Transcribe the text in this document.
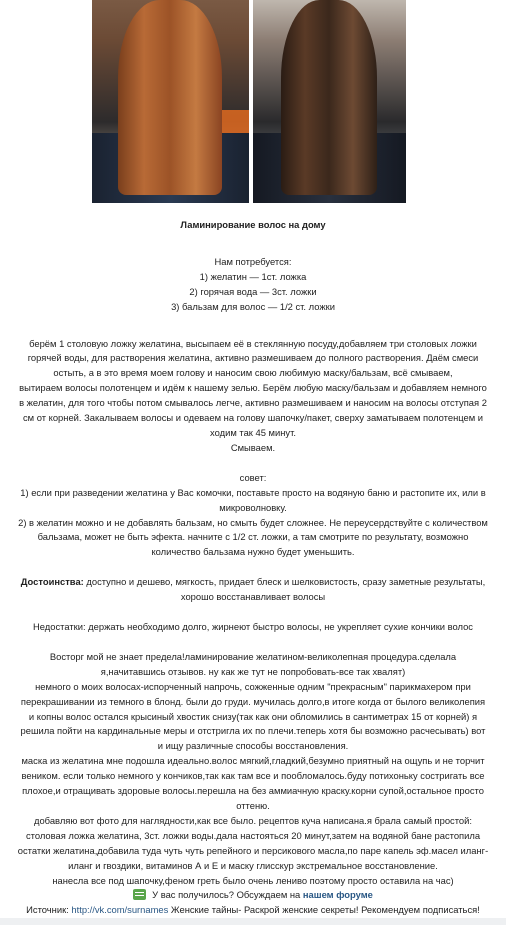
Ламинирование волос на дому
Нам потребуется:
1) желатин — 1ст. ложка
2) горячая вода — 3ст. ложки
3) бальзам для волос — 1/2 ст. ложки
берём 1 столовую ложку желатина, высыпаем её в стеклянную посуду,добавляем три столовых ложки
горячей воды, для растворения желатина, активно размешиваем до полного растворения. Даём смеси
остыть, а в это время моем голову и наносим свою любимую маску/бальзам, всё смываем,
вытираем волосы полотенцем и идём к нашему зелью. Берём любую маску/бальзам и добавляем немного
в желатин, для того чтобы потом смывалось легче, активно размешиваем и наносим на волосы отступая 2
см от корней. Закалываем волосы и одеваем на голову шапочку/пакет, сверху заматываем полотенцем и
ходим так 45 минут.
Смываем.
совет:
1) если при разведении желатина у Вас комочки, поставьте просто на водяную баню и растопите их, или в
микроволновку.
2) в желатин можно и не добавлять бальзам, но смыть будет сложнее. Не переусердствуйте с количеством
бальзама, может не быть эфекта. начните с 1/2 ст. ложки, а там смотрите по результату, возможно
количество бальзама нужно будет уменьшить.
Достоинства: доступно и дешево, мягкость, придает блеск и шелковистость, сразу заметные результаты,
хорошо восстанавливает волосы
Недостатки: держать необходимо долго, жирнеют быстро волосы, не укрепляет сухие кончики волос
Восторг мой не знает предела!ламинирование желатином-великолепная процедура.сделала
я,начитавшись отзывов. ну как же тут не попробовать-все так хвалят)
немного о моих волосах-испорченный напрочь, сожженные одним "прекрасным" парикмахером при
перекрашивании из темного в блонд. были до груди. мучилась долго,в итоге когда от былого великолепия
и копны волос остался крысиный хвостик снизу(так как они обломились в сантиметрах 15 от корней) я
решила пойти на кардинальные меры и отстригла их по плечи.теперь хотя бы возможно расчесывать) вот
и ищу различные способы восстановления.
маска из желатина мне подошла идеально.волос мягкий,гладкий,безумно приятный на ощупь и не торчит
веником. если только немного у кончиков,так как там все и пообломалось.буду потихоньку состригать все
плохое,и отращивать здоровые волосы.перешла на без аммиачную краску.корни супой,остальное просто
оттеню.
добавляю вот фото для наглядности,как все было. рецептов куча написана.я брала самый простой:
столовая ложка желатина, 3ст. ложки воды.дала настояться 20 минут,затем на водяной бане растопила
остатки желатина,добавила туда чуть чуть репейного и персикового масла,по паре капель эф.масел иланг-
иланг и гвоздики, витаминов А и Е и маску глисскур экстремальное восстановление.
нанесла все под шапочку,феном греть было очень лениво поэтому просто оставила на час)
У вас получилось? Обсуждаем на нашем форуме
Источник: http://vk.com/surnames Женские тайны- Раскрой женские секреты! Рекомендуем подписаться!
